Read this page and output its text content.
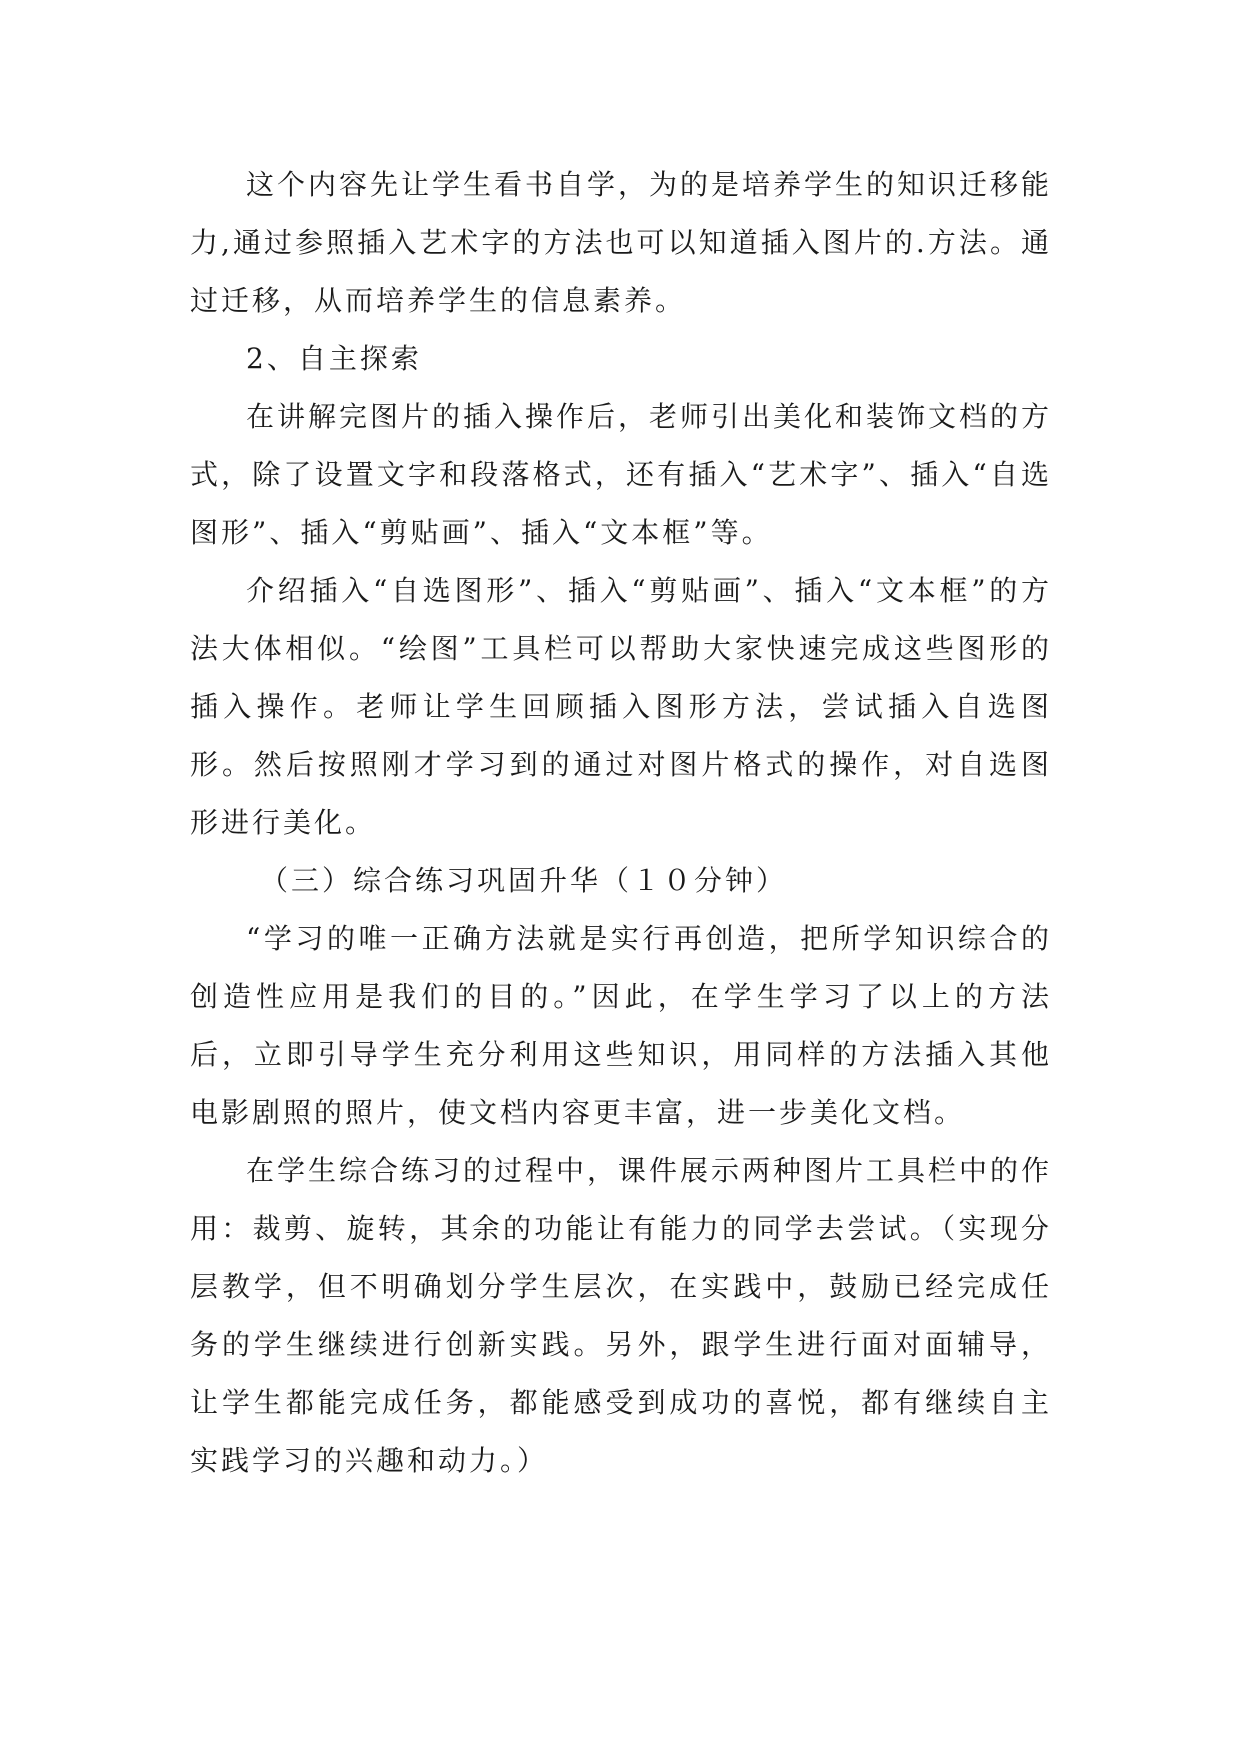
这个内容先让学生看书自学，为的是培养学生的知识迁移能力,通过参照插入艺术字的方法也可以知道插入图片的.方法。通过迁移，从而培养学生的信息素养。

2、自主探索

在讲解完图片的插入操作后，老师引出美化和装饰文档的方式，除了设置文字和段落格式，还有插入“艺术字”、插入“自选图形”、插入“剪贴画”、插入“文本框”等。

介绍插入“自选图形”、插入“剪贴画”、插入“文本框”的方法大体相似。“绘图”工具栏可以帮助大家快速完成这些图形的插入操作。老师让学生回顾插入图形方法，尝试插入自选图形。然后按照刚才学习到的通过对图片格式的操作，对自选图形进行美化。

（三）综合练习巩固升华（１０分钟）

“学习的唯一正确方法就是实行再创造，把所学知识综合的创造性应用是我们的目的。”因此，在学生学习了以上的方法后，立即引导学生充分利用这些知识，用同样的方法插入其他电影剧照的照片，使文档内容更丰富，进一步美化文档。

在学生综合练习的过程中，课件展示两种图片工具栏中的作用：裁剪、旋转，其余的功能让有能力的同学去尝试。（实现分层教学，但不明确划分学生层次，在实践中，鼓励已经完成任务的学生继续进行创新实践。另外，跟学生进行面对面辅导，让学生都能完成任务，都能感受到成功的喜悦，都有继续自主实践学习的兴趣和动力。）
